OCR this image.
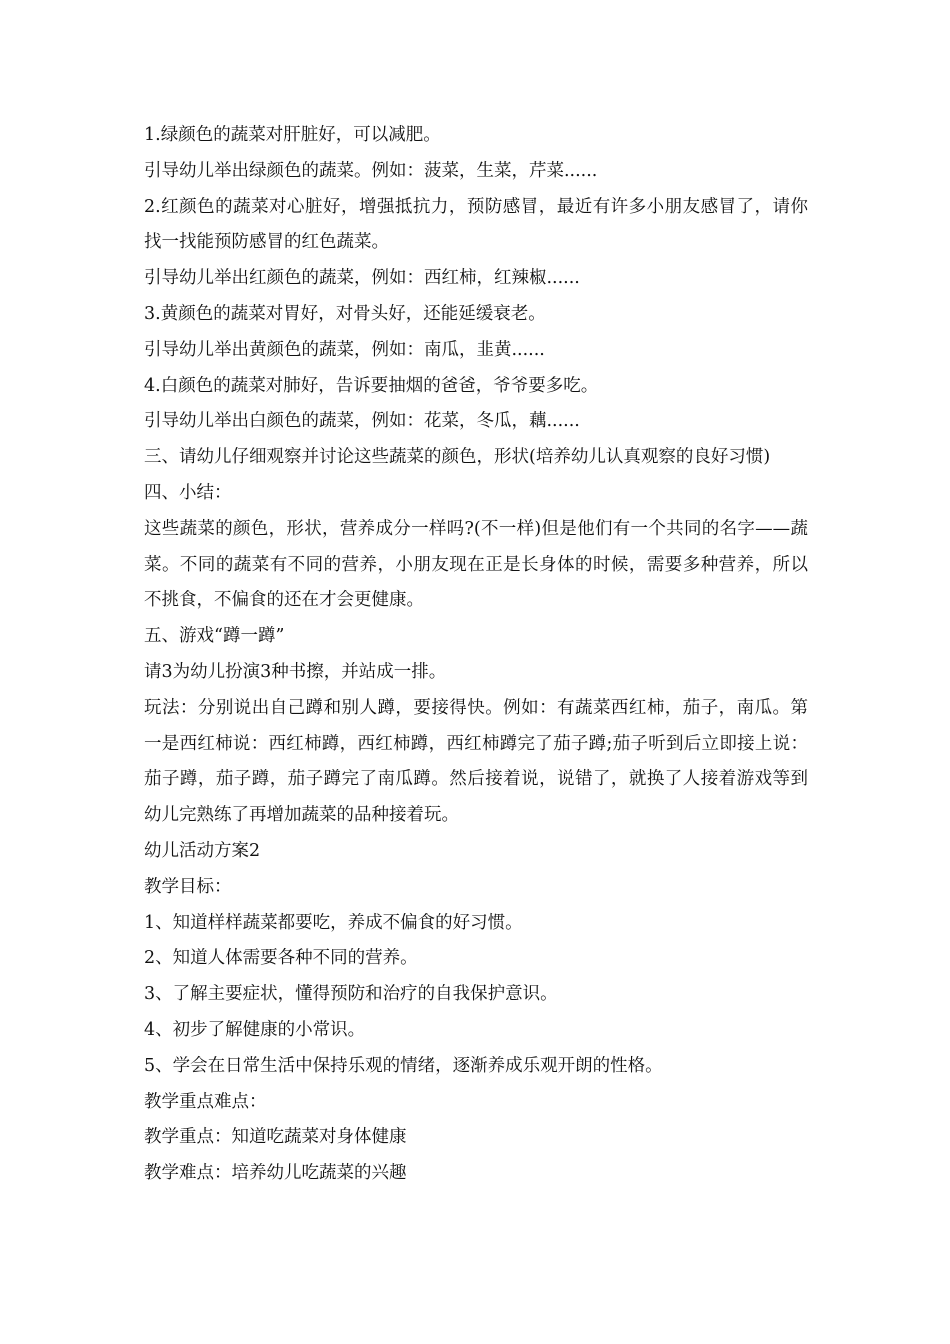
1.绿颜色的蔬菜对肝脏好，可以减肥。

引导幼儿举出绿颜色的蔬菜。例如：菠菜，生菜，芹菜......

2.红颜色的蔬菜对心脏好，增强抵抗力，预防感冒，最近有许多小朋友感冒了，请你找一找能预防感冒的红色蔬菜。

引导幼儿举出红颜色的蔬菜，例如：西红柿，红辣椒......

3.黄颜色的蔬菜对胃好，对骨头好，还能延缓衰老。

引导幼儿举出黄颜色的蔬菜，例如：南瓜，韭黄......

4.白颜色的蔬菜对肺好，告诉要抽烟的爸爸，爷爷要多吃。

引导幼儿举出白颜色的蔬菜，例如：花菜，冬瓜，藕......

三、请幼儿仔细观察并讨论这些蔬菜的颜色，形状(培养幼儿认真观察的良好习惯)

四、小结：

这些蔬菜的颜色，形状，营养成分一样吗?(不一样)但是他们有一个共同的名字——蔬菜。不同的蔬菜有不同的营养，小朋友现在正是长身体的时候，需要多种营养，所以不挑食，不偏食的还在才会更健康。

五、游戏“蹲一蹲”

请3为幼儿扮演3种书擦，并站成一排。

玩法：分别说出自己蹲和别人蹲，要接得快。例如：有蔬菜西红柿，茄子，南瓜。第一是西红柿说：西红柿蹲，西红柿蹲，西红柿蹲完了茄子蹲;茄子听到后立即接上说：茄子蹲，茄子蹲，茄子蹲完了南瓜蹲。然后接着说，说错了，就换了人接着游戏等到幼儿完熟练了再增加蔬菜的品种接着玩。

幼儿活动方案2

教学目标：

1、知道样样蔬菜都要吃，养成不偏食的好习惯。

2、知道人体需要各种不同的营养。

3、了解主要症状，懂得预防和治疗的自我保护意识。

4、初步了解健康的小常识。

5、学会在日常生活中保持乐观的情绪，逐渐养成乐观开朗的性格。

教学重点难点：

教学重点：知道吃蔬菜对身体健康

教学难点：培养幼儿吃蔬菜的兴趣
